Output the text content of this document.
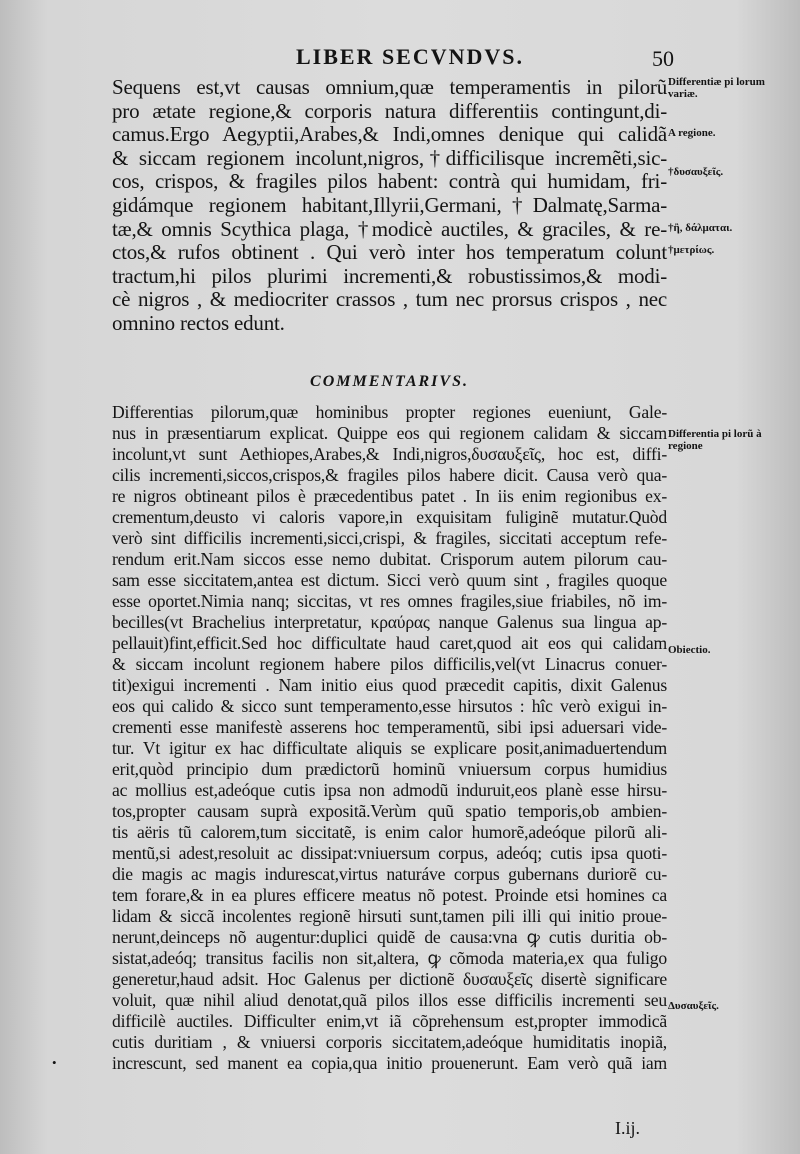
LIBER SECVNDVS.	50
Sequens est,vt causas omnium,quæ temperamentis in pilorũ
pro ætate regione,& corporis natura differentiis contingunt,di-
camus.Ergo Aegyptii,Arabes,& Indi,omnes denique qui calidã
& siccam regionem incolunt,nigros,†difficilisque incremẽti,sic-
cos, crispos, & fragiles pilos habent: contrà qui humidam, fri-
gidámque regionem habitant,Illyrii,Germani,†Dalmatę,Sarma-
tæ,& omnis Scythica plaga, †modicè auctiles, & graciles, & re-
ctos,& rufos obtinent . Qui verò inter hos temperatum colunt
tractum,hi pilos plurimi incrementi,& robustissimos,& modi-
cè nigros , & mediocriter crassos , tum nec prorsus crispos , nec
omnino rectos edunt.
COMMENTARIVS.
Differentias pilorum,quæ hominibus propter regiones eueniunt, Gale-
nus in præsentiarum explicat. Quippe eos qui regionem calidam & siccam
incolunt,vt sunt Aethiopes,Arabes,& Indi,nigros,δυσαυξεῖς, hoc est, diffi-
cilis incrementi,siccos,crispos,& fragiles pilos habere dicit. Causa verò qua-
re nigros obtineant pilos è præcedentibus patet . In iis enim regionibus ex-
crementum,deusto vi caloris vapore,in exquisitam fuliginẽ mutatur.Quòd
verò sint difficilis incrementi,sicci,crispi, & fragiles, siccitati acceptum refe-
rendum erit.Nam siccos esse nemo dubitat. Crisporum autem pilorum cau-
sam esse siccitatem,antea est dictum. Sicci verò quum sint , fragiles quoque
esse oportet.Nimia nanq; siccitas, vt res omnes fragiles,siue friabiles, nõ im-
becilles(vt Brachelius interpretatur, κραύρας nanque Galenus sua lingua ap-
pellauit)fint,efficit.Sed hoc difficultate haud caret,quod ait eos qui calidam
& siccam incolunt regionem habere pilos difficilis,vel(vt Linacrus conuer-
tit)exigui incrementi . Nam initio eius quod præcedit capitis, dixit Galenus
eos qui calido & sicco sunt temperamento,esse hirsutos : hîc verò exigui in-
crementi esse manifestè asserens hoc temperamentũ, sibi ipsi aduersari vide-
tur. Vt igitur ex hac difficultate aliquis se explicare posit,animaduertendum
erit,quòd principio dum prædictorũ hominũ vniuersum corpus humidius
ac mollius est,adeóque cutis ipsa non admodũ induruit,eos planè esse hirsu-
tos,propter causam suprà expositã.Verùm quũ spatio temporis,ob ambien-
tis aëris tũ calorem,tum siccitatẽ, is enim calor humorẽ,adeóque pilorũ ali-
mentũ,si adest,resoluit ac dissipat:vniuersum corpus, adeóq; cutis ipsa quoti-
die magis ac magis indurescat,virtus naturáve corpus gubernans duriorẽ cu-
tem forare,& in ea plures efficere meatus nõ potest. Proinde etsi homines ca
lidam & siccã incolentes regionẽ hirsuti sunt,tamen pili illi qui initio proue-
nerunt,deinceps nõ augentur:duplici quidẽ de causa:vna ꝙ cutis duritia ob-
sistat,adeóq; transitus facilis non sit,altera, ꝙ cõmoda materia,ex qua fuligo
generetur,haud adsit. Hoc Galenus per dictionẽ δυσαυξεῖς disertè significare
voluit, quæ nihil aliud denotat,quã pilos illos esse difficilis incrementi seu
difficilè auctiles. Difficulter enim,vt iã cõprehensum est,propter immodicã
cutis duritiam , & vniuersi corporis siccitatem,adeóque humiditatis inopiã,
increscunt, sed manent ea copia,qua initio prouenerunt. Eam verò quã iam
I.ij.
Differentiæ pi lorum variæ.
A regione.
†δυσαυξεῖς.
†ἢ, δάλμαται.
†μετρίως.
Differentia pi lorũ à regione
Obiectio.
Δυσαυξεῖς.
•
